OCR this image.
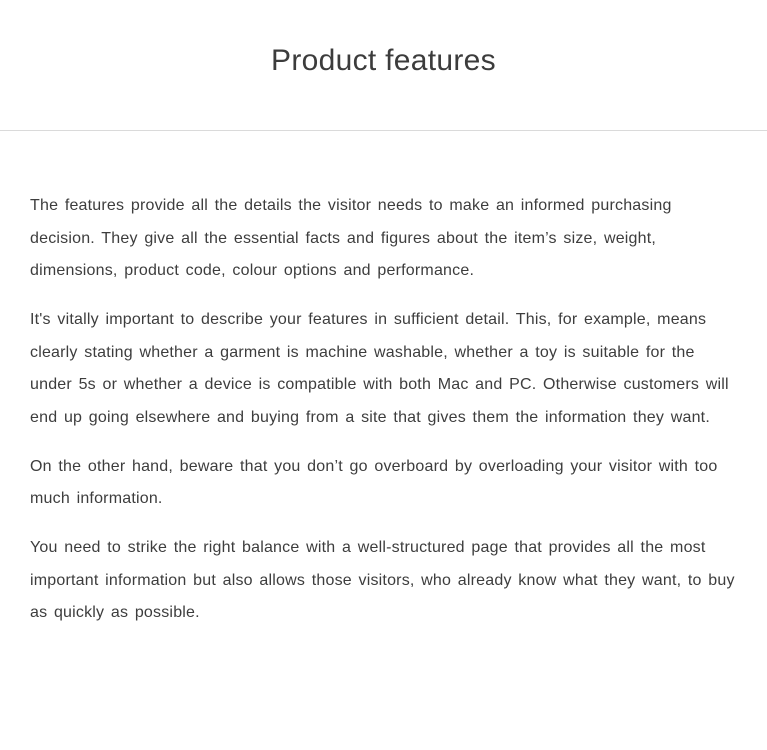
Product features

The features provide all the details the visitor needs to make an informed purchasing decision. They give all the essential facts and figures about the item’s size, weight, dimensions, product code, colour options and performance.

It's vitally important to describe your features in sufficient detail. This, for example, means clearly stating whether a garment is machine washable, whether a toy is suitable for the under 5s or whether a device is compatible with both Mac and PC. Otherwise customers will end up going elsewhere and buying from a site that gives them the information they want.

On the other hand, beware that you don’t go overboard by overloading your visitor with too much information.

You need to strike the right balance with a well-structured page that provides all the most important information but also allows those visitors, who already know what they want, to buy as quickly as possible.
